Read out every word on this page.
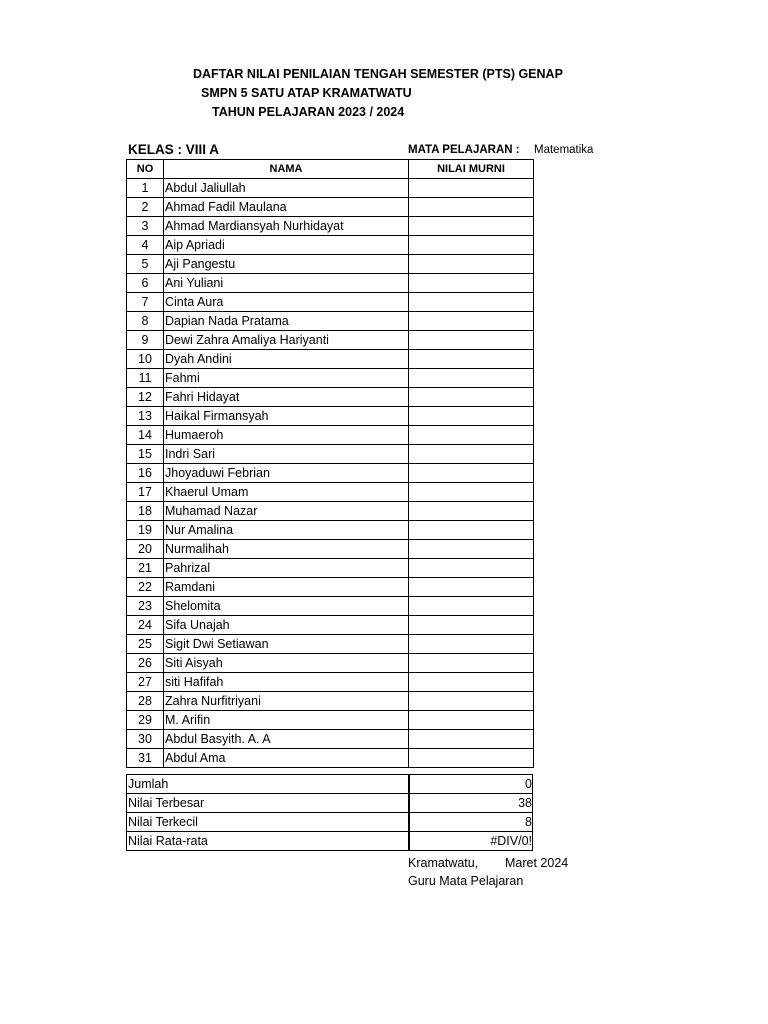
DAFTAR NILAI PENILAIAN TENGAH SEMESTER (PTS) GENAP
SMPN 5 SATU ATAP KRAMATWATU
TAHUN PELAJARAN 2023 / 2024
KELAS : VIII A	MATA PELAJARAN : Matematika
NO	NAMA	NILAI MURNI
1	Abdul Jaliullah	
2	Ahmad Fadil Maulana	
3	Ahmad Mardiansyah Nurhidayat	
4	Aip Apriadi	
5	Aji Pangestu	
6	Ani Yuliani	
7	Cinta Aura	
8	Dapian Nada Pratama	
9	Dewi Zahra Amaliya Hariyanti	
10	Dyah Andini	
11	Fahmi	
12	Fahri Hidayat	
13	Haikal Firmansyah	
14	Humaeroh	
15	Indri Sari	
16	Jhoyaduwi Febrian	
17	Khaerul Umam	
18	Muhamad Nazar	
19	Nur Amalina	
20	Nurmalihah	
21	Pahrizal	
22	Ramdani	
23	Shelomita	
24	Sifa Unajah	
25	Sigit Dwi Setiawan	
26	Siti Aisyah	
27	siti Hafifah	
28	Zahra Nurfitriyani	
29	M. Arifin	
30	Abdul Basyith. A. A	
31	Abdul Ama	
Jumlah	0
Nilai Terbesar	38
Nilai Terkecil	8
Nilai Rata-rata	#DIV/0!
Kramatwatu, Maret 2024
Guru Mata Pelajaran
